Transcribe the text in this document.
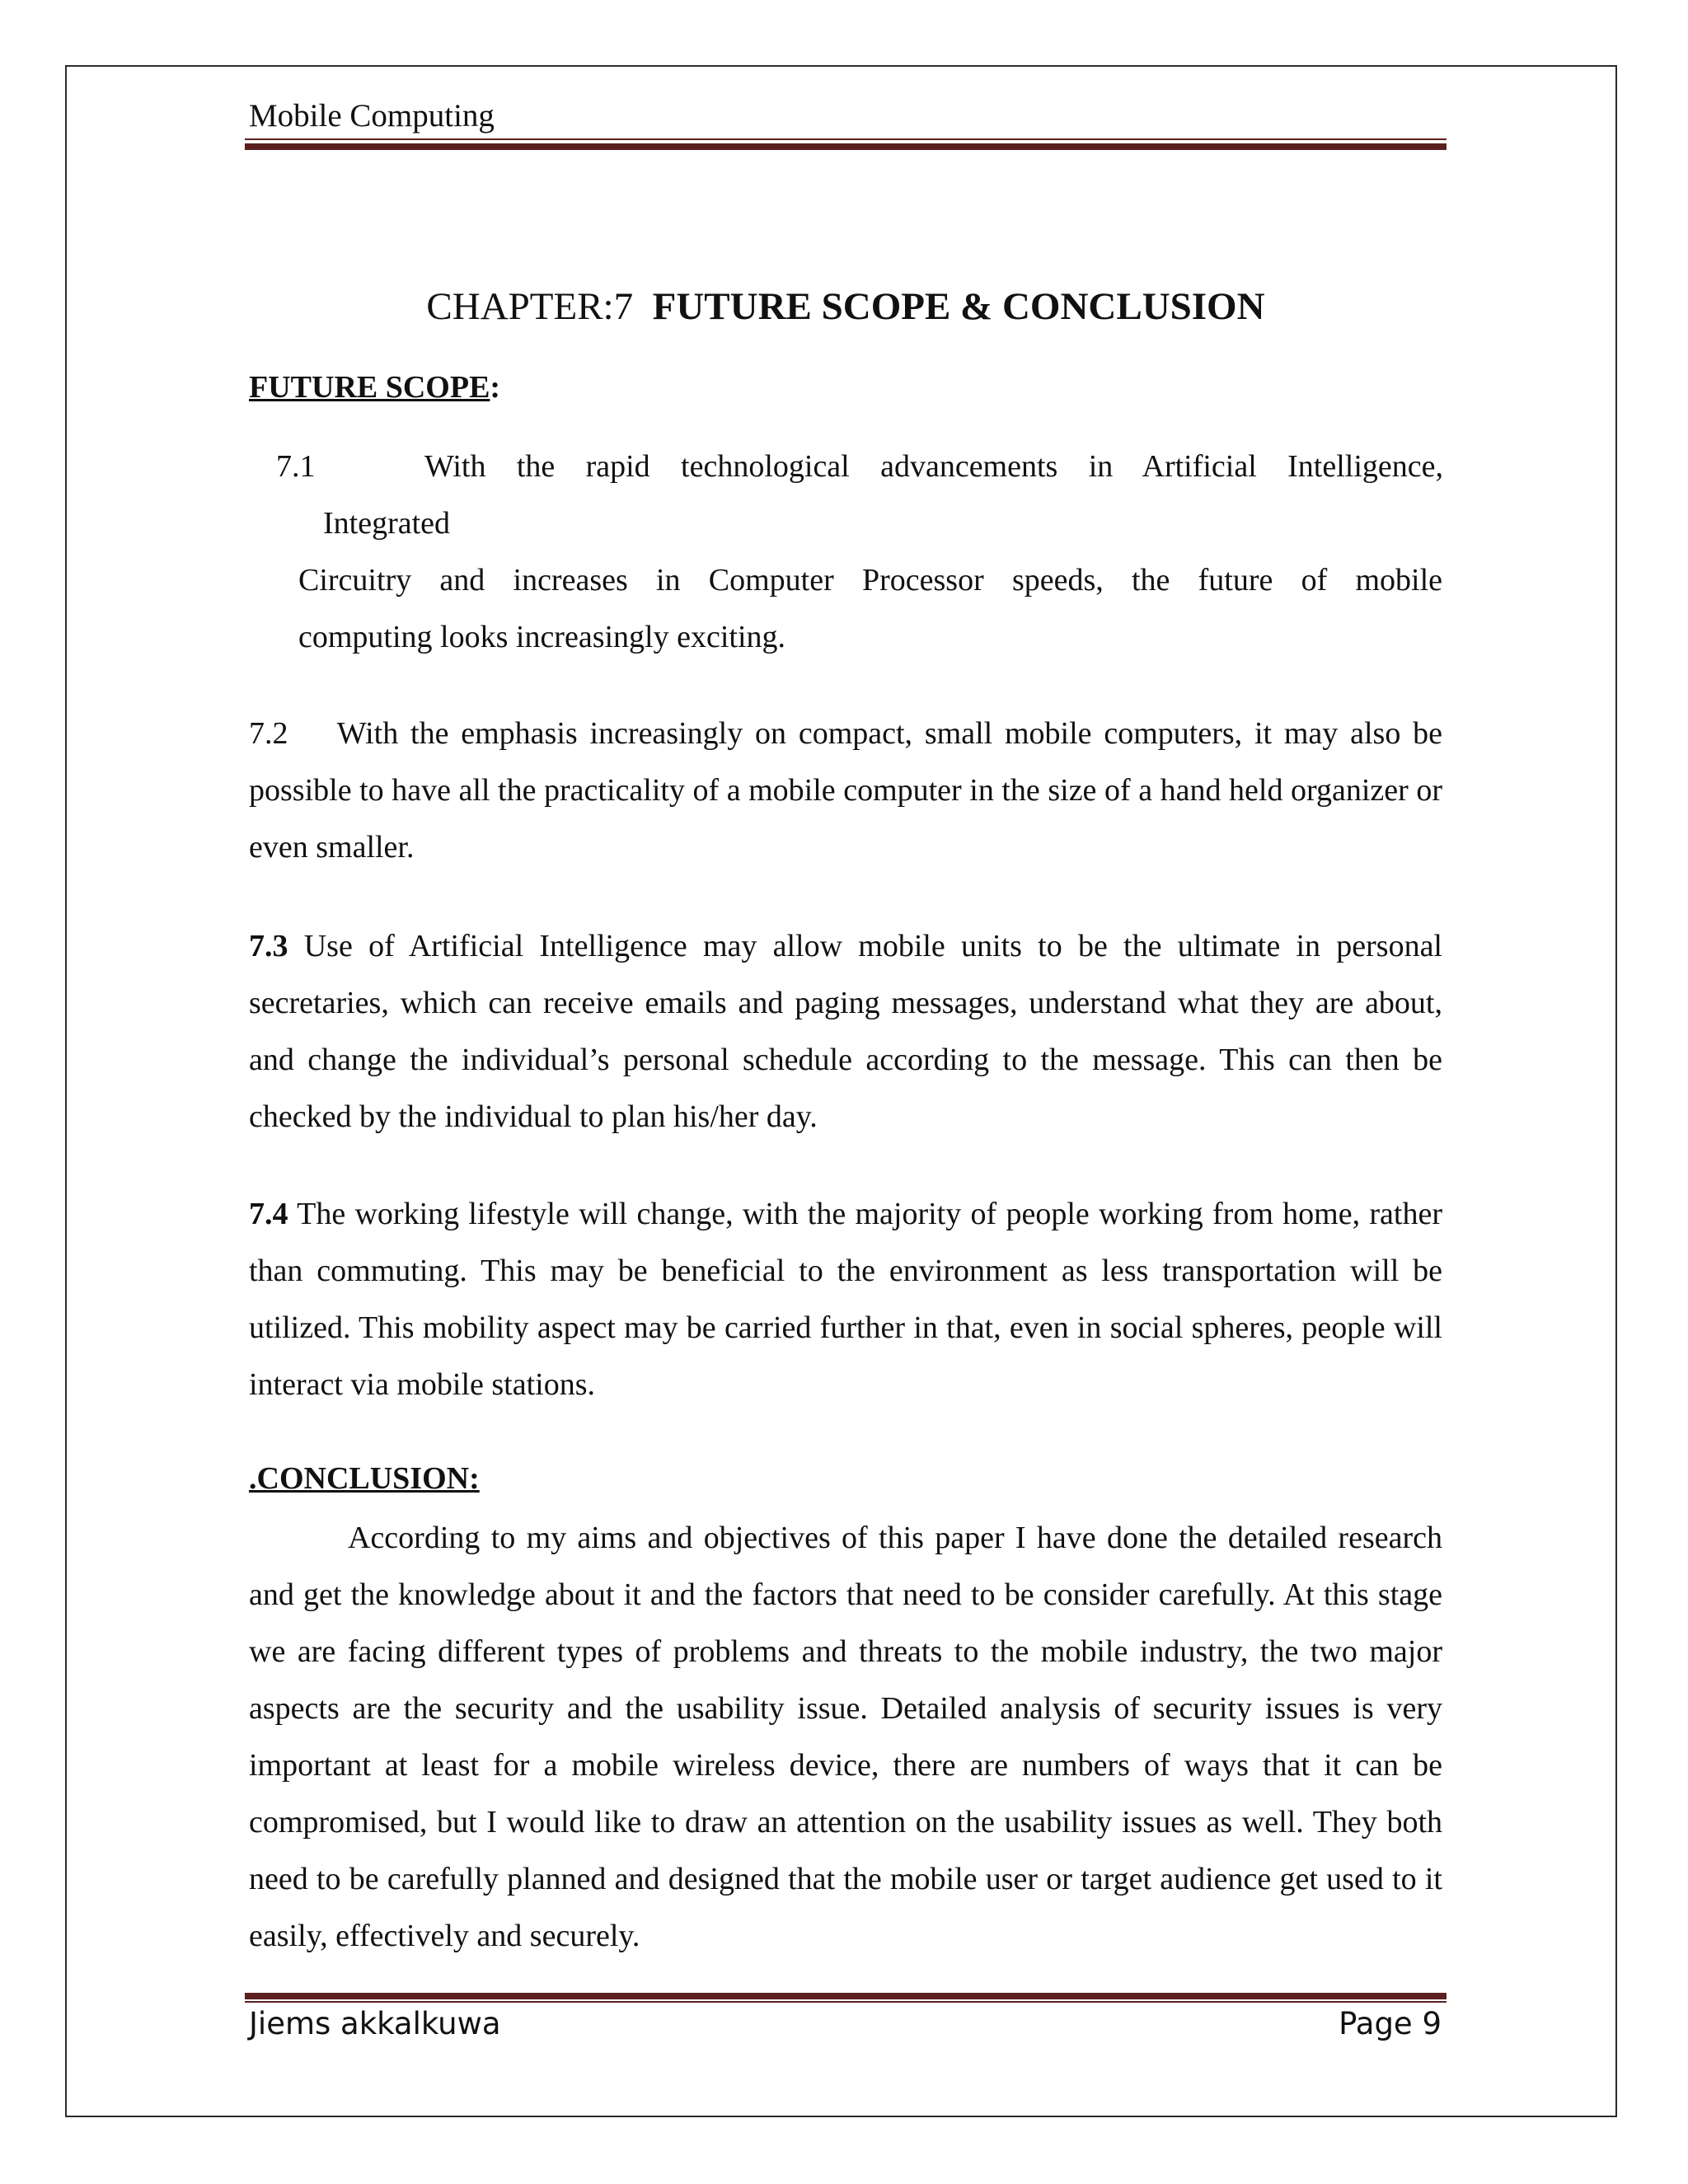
Mobile Computing
CHAPTER:7 FUTURE SCOPE & CONCLUSION
FUTURE SCOPE:
7.1	With the rapid technological advancements in Artificial Intelligence,
Integrated
Circuitry and increases in Computer Processor speeds, the future of mobile
computing looks increasingly exciting.
7.2 With the emphasis increasingly on compact, small mobile computers, it may also be possible to have all the practicality of a mobile computer in the size of a hand held organizer or even smaller.
7.3 Use of Artificial Intelligence may allow mobile units to be the ultimate in personal secretaries, which can receive emails and paging messages, understand what they are about, and change the individual’s personal schedule according to the message. This can then be checked by the individual to plan his/her day.
7.4 The working lifestyle will change, with the majority of people working from home, rather than commuting. This may be beneficial to the environment as less transportation will be utilized. This mobility aspect may be carried further in that, even in social spheres, people will interact via mobile stations.
.CONCLUSION:
According to my aims and objectives of this paper I have done the detailed research and get the knowledge about it and the factors that need to be consider carefully. At this stage we are facing different types of problems and threats to the mobile industry, the two major aspects are the security and the usability issue. Detailed analysis of security issues is very important at least for a mobile wireless device, there are numbers of ways that it can be compromised, but I would like to draw an attention on the usability issues as well. They both need to be carefully planned and designed that the mobile user or target audience get used to it easily, effectively and securely.
Jiems akkalkuwa	Page 9
